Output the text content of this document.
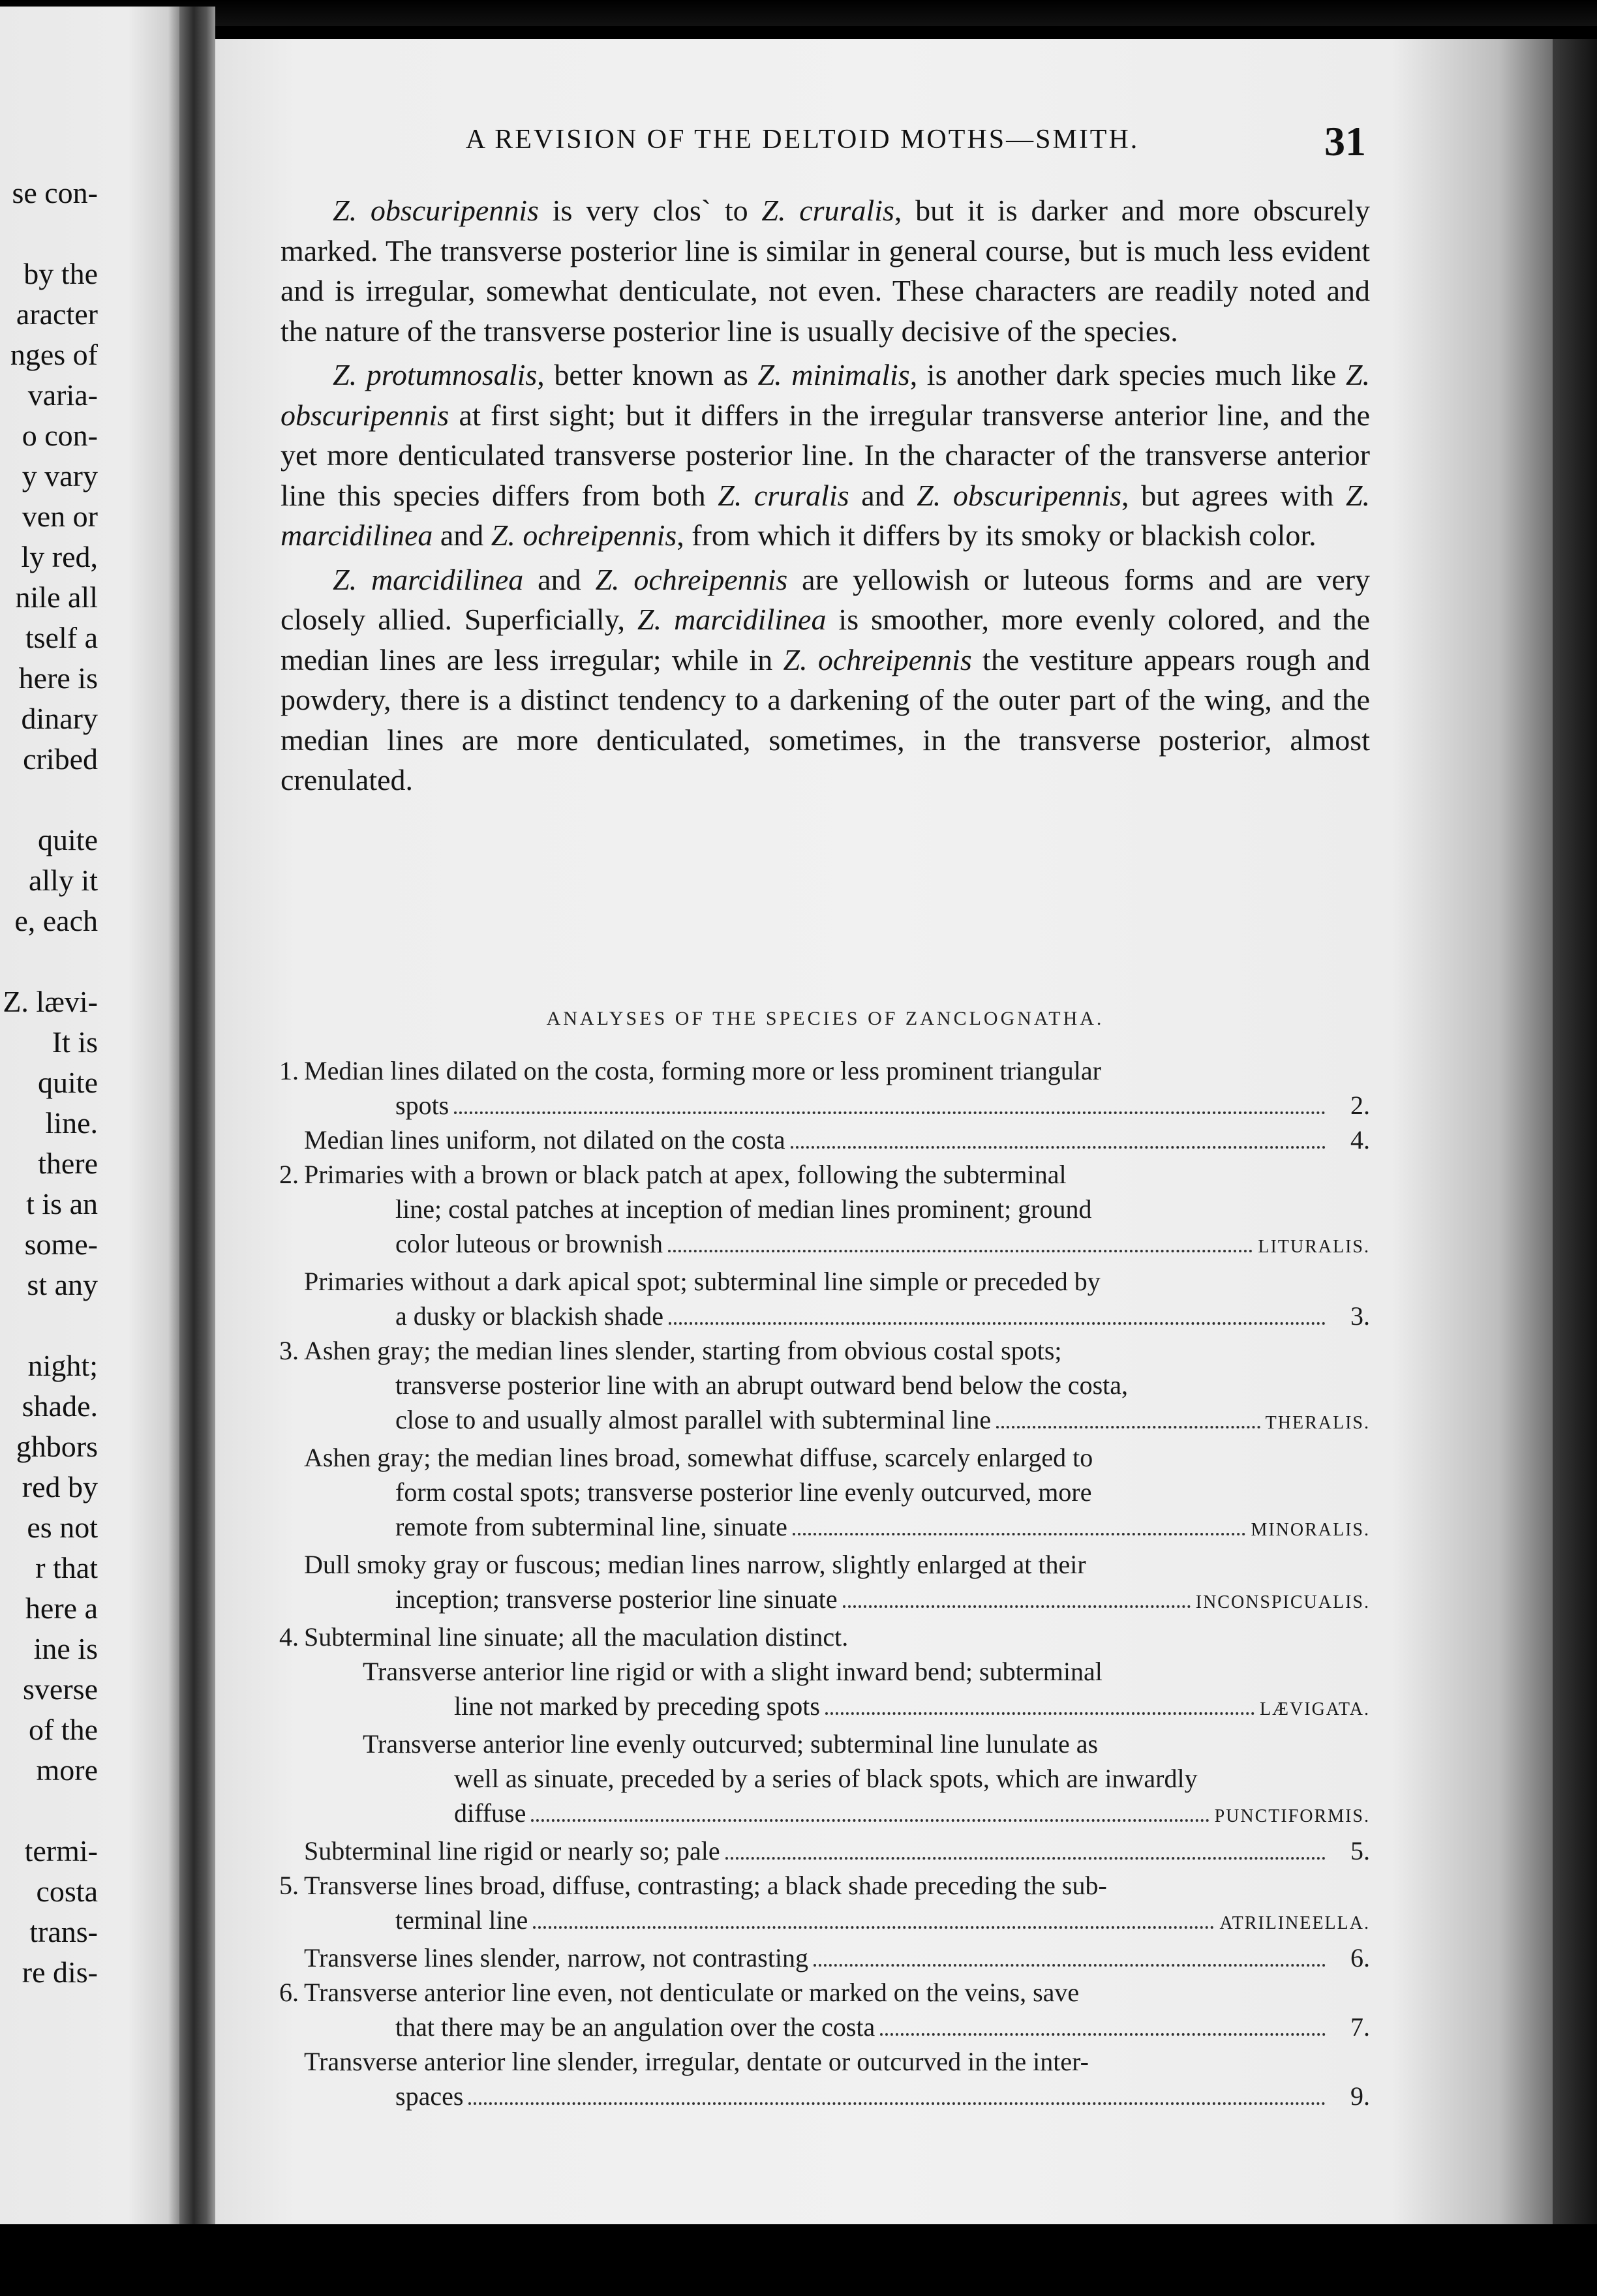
se con-
by the
aracter
nges of
varia-
o con-
y vary
ven or
ly red,
nile all
tself a
here is
dinary
cribed
quite
ally it
e, each
Z. lævi-
It is
quite
line.
there
t is an
some-
st any
night;
shade.
ghbors
red by
es not
r that
here a
ine is
sverse
of the
more
termi-
costa
trans-
re dis-
A REVISION OF THE DELTOID MOTHS—SMITH.	31

Z. obscuripennis is very clos` to Z. cruralis, but it is darker and more obscurely marked. The transverse posterior line is similar in general course, but is much less evident and is irregular, somewhat denticulate, not even. These characters are readily noted and the nature of the transverse posterior line is usually decisive of the species.

Z. protumnosalis, better known as Z. minimalis, is another dark species much like Z. obscuripennis at first sight; but it differs in the irregular transverse anterior line, and the yet more denticulated transverse posterior line. In the character of the transverse anterior line this species differs from both Z. cruralis and Z. obscuripennis, but agrees with Z. marcidilinea and Z. ochreipennis, from which it differs by its smoky or blackish color.

Z. marcidilinea and Z. ochreipennis are yellowish or luteous forms and are very closely allied. Superficially, Z. marcidilinea is smoother, more evenly colored, and the median lines are less irregular; while in Z. ochreipennis the vestiture appears rough and powdery, there is a distinct tendency to a darkening of the outer part of the wing, and the median lines are more denticulated, sometimes, in the transverse posterior, almost crenulated.

ANALYSES OF THE SPECIES OF ZANCLOGNATHA.
1. Median lines dilated on the costa, forming more or less prominent triangular
spots	2.
Median lines uniform, not dilated on the costa	4.
2. Primaries with a brown or black patch at apex, following the subterminal
line; costal patches at inception of median lines prominent; ground
color luteous or brownish	LITURALIS.
Primaries without a dark apical spot; subterminal line simple or preceded by
a dusky or blackish shade	3.
3. Ashen gray; the median lines slender, starting from obvious costal spots;
transverse posterior line with an abrupt outward bend below the costa,
close to and usually almost parallel with subterminal line	THERALIS.
Ashen gray; the median lines broad, somewhat diffuse, scarcely enlarged to
form costal spots; transverse posterior line evenly outcurved, more
remote from subterminal line, sinuate	MINORALIS.
Dull smoky gray or fuscous; median lines narrow, slightly enlarged at their
inception; transverse posterior line sinuate	INCONSPICUALIS.
4. Subterminal line sinuate; all the maculation distinct.
Transverse anterior line rigid or with a slight inward bend; subterminal
line not marked by preceding spots	LÆVIGATA.
Transverse anterior line evenly outcurved; subterminal line lunulate as
well as sinuate, preceded by a series of black spots, which are inwardly
diffuse	PUNCTIFORMIS.
Subterminal line rigid or nearly so; pale	5.
5. Transverse lines broad, diffuse, contrasting; a black shade preceding the sub-
terminal line	ATRILINEELLA.
Transverse lines slender, narrow, not contrasting	6.
6. Transverse anterior line even, not denticulate or marked on the veins, save
that there may be an angulation over the costa	7.
Transverse anterior line slender, irregular, dentate or outcurved in the inter-
spaces	9.
